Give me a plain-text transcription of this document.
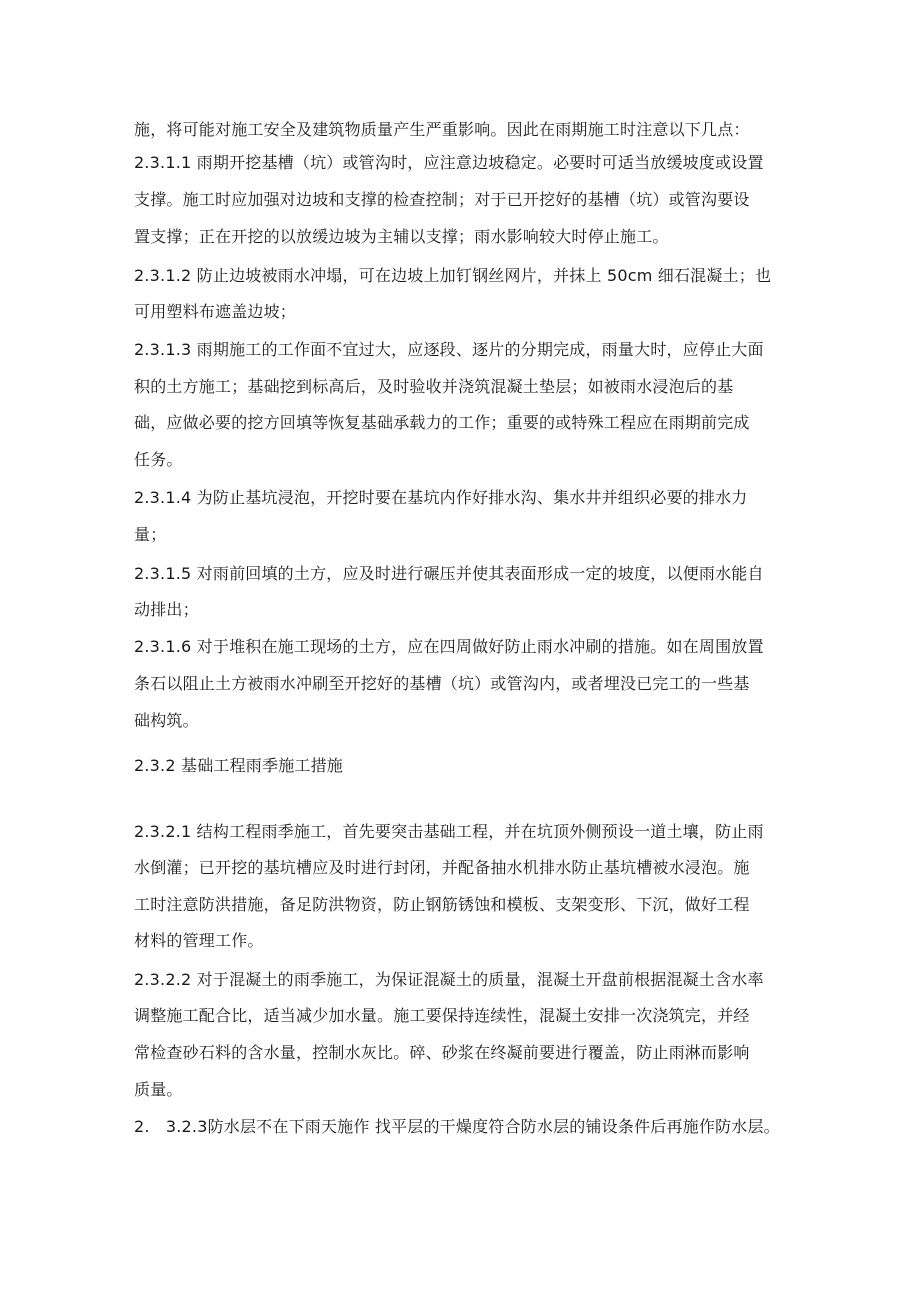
施，将可能对施工安全及建筑物质量产生严重影响。因此在雨期施工时注意以下几点：
2.3.1.1 雨期开挖基槽（坑）或管沟时，应注意边坡稳定。必要时可适当放缓坡度或设置
支撑。施工时应加强对边坡和支撑的检查控制；对于已开挖好的基槽（坑）或管沟要设
置支撑；正在开挖的以放缓边坡为主辅以支撑；雨水影响较大时停止施工。
2.3.1.2 防止边坡被雨水冲塌，可在边坡上加钉钢丝网片，并抹上 50cm 细石混凝土；也
可用塑料布遮盖边坡；
2.3.1.3 雨期施工的工作面不宜过大，应逐段、逐片的分期完成，雨量大时，应停止大面
积的土方施工；基础挖到标高后，及时验收并浇筑混凝土垫层；如被雨水浸泡后的基
础，应做必要的挖方回填等恢复基础承载力的工作；重要的或特殊工程应在雨期前完成
任务。
2.3.1.4 为防止基坑浸泡，开挖时要在基坑内作好排水沟、集水井并组织必要的排水力
量；
2.3.1.5 对雨前回填的土方，应及时进行碾压并使其表面形成一定的坡度，以便雨水能自
动排出；
2.3.1.6 对于堆积在施工现场的土方，应在四周做好防止雨水冲刷的措施。如在周围放置
条石以阻止土方被雨水冲刷至开挖好的基槽（坑）或管沟内，或者埋没已完工的一些基
础构筑。
2.3.2 基础工程雨季施工措施
2.3.2.1 结构工程雨季施工，首先要突击基础工程，并在坑顶外侧预设一道土壤，防止雨
水倒灌；已开挖的基坑槽应及时进行封闭，并配备抽水机排水防止基坑槽被水浸泡。施
工时注意防洪措施，备足防洪物资，防止钢筋锈蚀和模板、支架变形、下沉，做好工程
材料的管理工作。
2.3.2.2 对于混凝土的雨季施工，为保证混凝土的质量，混凝土开盘前根据混凝土含水率
调整施工配合比，适当减少加水量。施工要保持连续性，混凝土安排一次浇筑完，并经
常检查砂石料的含水量，控制水灰比。碎、砂浆在终凝前要进行覆盖，防止雨淋而影响
质量。
2.　3.2.3防水层不在下雨天施作 找平层的干燥度符合防水层的铺设条件后再施作防水层。
